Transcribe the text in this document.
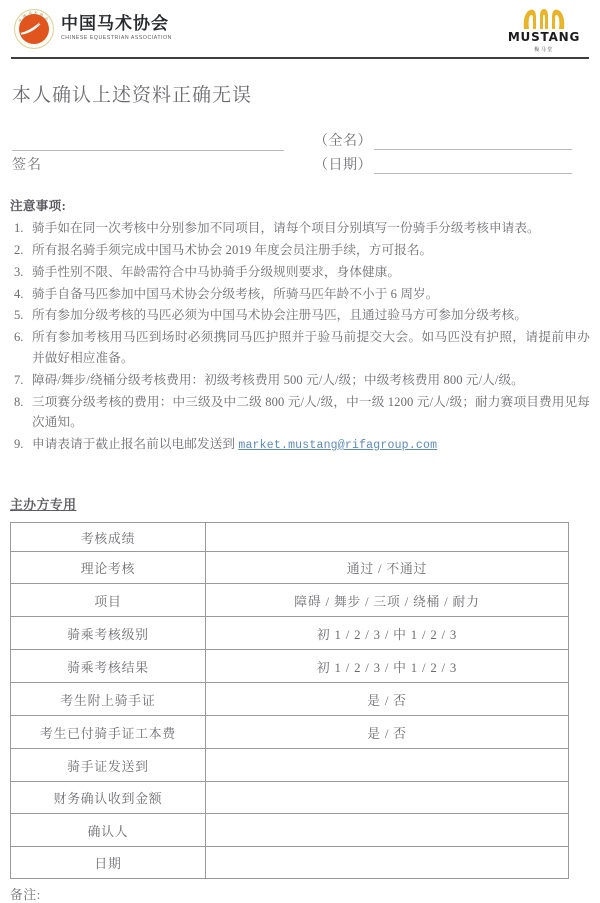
中国马术协会 中国马术协会
CHINESE EQUESTRIAN ASSOCIATION	MUSTANG
极马堂
本人确认上述资料正确无误
签名
（全名）
（日期）
注意事项:
1. 骑手如在同一次考核中分别参加不同项目，请每个项目分别填写一份骑手分级考核申请表。
2. 所有报名骑手须完成中国马术协会 2019 年度会员注册手续，方可报名。
3. 骑手性别不限、年龄需符合中马协骑手分级规则要求，身体健康。
4. 骑手自备马匹参加中国马术协会分级考核，所骑马匹年龄不小于 6 周岁。
5. 所有参加分级考核的马匹必须为中国马术协会注册马匹，且通过验马方可参加分级考核。
6. 所有参加考核用马匹到场时必须携同马匹护照并于验马前提交大会。如马匹没有护照，请提前申办并做好相应准备。
7. 障碍/舞步/绕桶分级考核费用：初级考核费用 500 元/人/级；中级考核费用 800 元/人/级。
8. 三项赛分级考核的费用：中三级及中二级 800 元/人/级，中一级 1200 元/人/级；耐力赛项目费用见每次通知。
9. 申请表请于截止报名前以电邮发送到 market.mustang@rifagroup.com
主办方专用
考核成绩	
理论考核	通过 / 不通过
项目	障碍 / 舞步 / 三项 / 绕桶 / 耐力
骑乘考核级别	初 1 / 2 / 3 / 中 1 / 2 / 3
骑乘考核结果	初 1 / 2 / 3 / 中 1 / 2 / 3
考生附上骑手证	是 / 否
考生已付骑手证工本费	是 / 否
骑手证发送到	
财务确认收到金额	
确认人	
日期	
备注:
